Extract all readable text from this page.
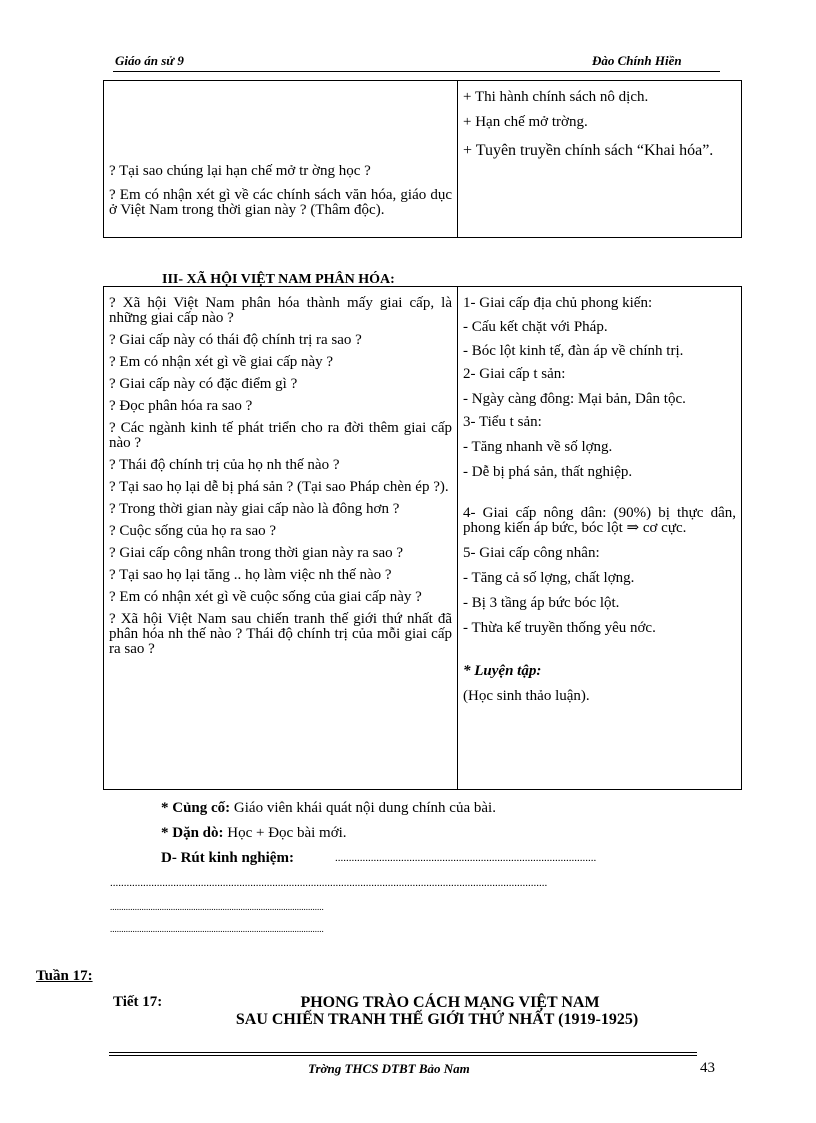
Giáo án sử 9	Đào Chính Hiền
? Tại sao chúng lại hạn chế mở tr ờng học ?
? Em có nhận xét gì về các chính sách văn hóa, giáo dục ở Việt Nam trong thời gian này ? (Thâm độc).

+ Thi hành chính sách nô dịch.
+ Hạn chế mở trờng.
+ Tuyên truyền chính sách “Khai hóa”.
III- XÃ HỘI VIỆT NAM PHÂN HÓA:
? Xã hội Việt Nam phân hóa thành mấy giai cấp, là những giai cấp nào ?
? Giai cấp này có thái độ chính trị ra sao ?
? Em có nhận xét gì về giai cấp này ?
? Giai cấp này có đặc điểm gì ?
? Đọc phân hóa ra sao ?
? Các ngành kinh tế phát triển cho ra đời thêm giai cấp nào ?
? Thái độ chính trị của họ nh thế nào ?
? Tại sao họ lại dễ bị phá sản ? (Tại sao Pháp chèn ép ?).
? Trong thời gian này giai cấp nào là đông hơn ?
? Cuộc sống của họ ra sao ?
? Giai cấp công nhân trong thời gian này ra sao ?
? Tại sao họ lại tăng .. họ làm việc nh thế nào ?
? Em có nhận xét gì về cuộc sống của giai cấp này ?
? Xã hội Việt Nam sau chiến tranh thế giới thứ nhất đã phân hóa nh thế nào ? Thái độ chính trị của mỗi giai cấp ra sao ?

1- Giai cấp địa chủ phong kiến:
- Cấu kết chặt với Pháp.
- Bóc lột kinh tế, đàn áp về chính trị.
2- Giai cấp t sản:
- Ngày càng đông: Mại bản, Dân tộc.
3- Tiểu t sản:
- Tăng nhanh về số lợng.
- Dễ bị phá sản, thất nghiệp.
4- Giai cấp nông dân: (90%) bị thực dân, phong kiến áp bức, bóc lột ⇒ cơ cực.
5- Giai cấp công nhân:
- Tăng cả số lợng, chất lợng.
- Bị 3 tầng áp bức bóc lột.
- Thừa kế truyền thống yêu nớc.
* Luyện tập:
(Học sinh thảo luận).
* Củng cố: Giáo viên khái quát nội dung chính của bài.
* Dặn dò: Học + Đọc bài mới.
D- Rút kinh nghiệm:	...............................................................................................
...............................................................................................................................................................
...............................................................................................
...............................................................................................
Tuần 17:
Tiết 17:	PHONG TRÀO CÁCH MẠNG VIỆT NAM
SAU CHIẾN TRANH THẾ GIỚI THỨ NHẤT (1919-1925)
Trờng THCS DTBT Bảo Nam	43
